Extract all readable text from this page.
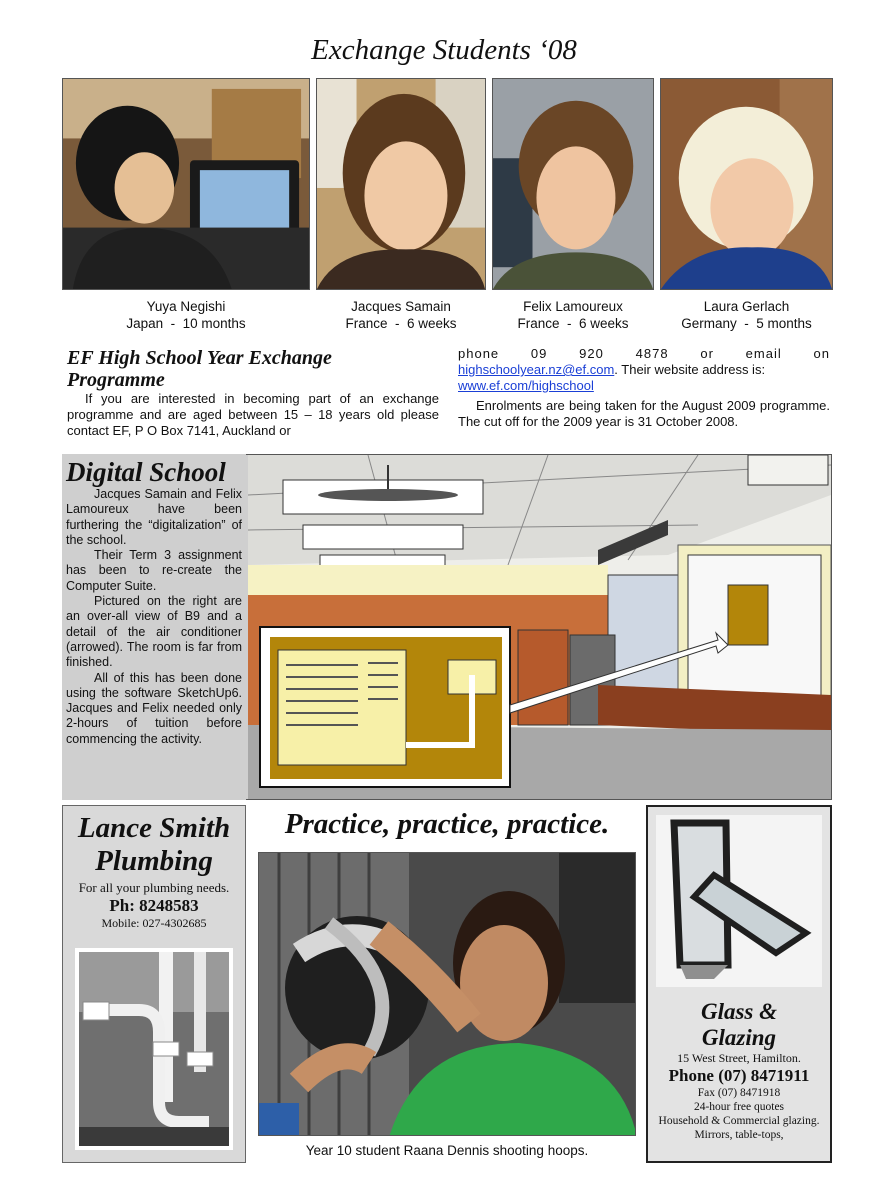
Exchange Students ‘08
Yuya Negishi
Japan  -  10 months
Jacques Samain
France  -  6 weeks
Felix Lamoureux
France  -  6 weeks
Laura Gerlach
Germany  -  5 months
EF High School Year Exchange Programme

If you are interested in becoming part of an exchange programme and are aged between 15 – 18 years old please contact EF, P O Box 7141, Auckland or

phone 09 920 4878 or email on
highschoolyear.nz@ef.com. Their website address is:
www.ef.com/highschool

Enrolments are being taken for the August 2009 programme. The cut off for the 2009 year is 31 October 2008.

Digital School

Jacques Samain and Felix Lamoureux have been furthering the “digitalization” of the school.

Their Term 3 assignment has been to re-create the Computer Suite.

Pictured on the right are an over-all view of B9 and a detail of the air conditioner (arrowed). The room is far from finished.

All of this has been done using the software SketchUp6. Jacques and Felix needed only 2-hours of tuition before commencing the activity.

Lance Smith
Plumbing
For all your plumbing needs.
Ph: 8248583
Mobile: 027-4302685
Practice, practice, practice.
Year 10 student Raana Dennis shooting hoops.
Glass &
Glazing
15 West Street, Hamilton.
Phone (07) 8471911
Fax (07) 8471918
24-hour free quotes
Household & Commercial glazing. Mirrors, table-tops,
